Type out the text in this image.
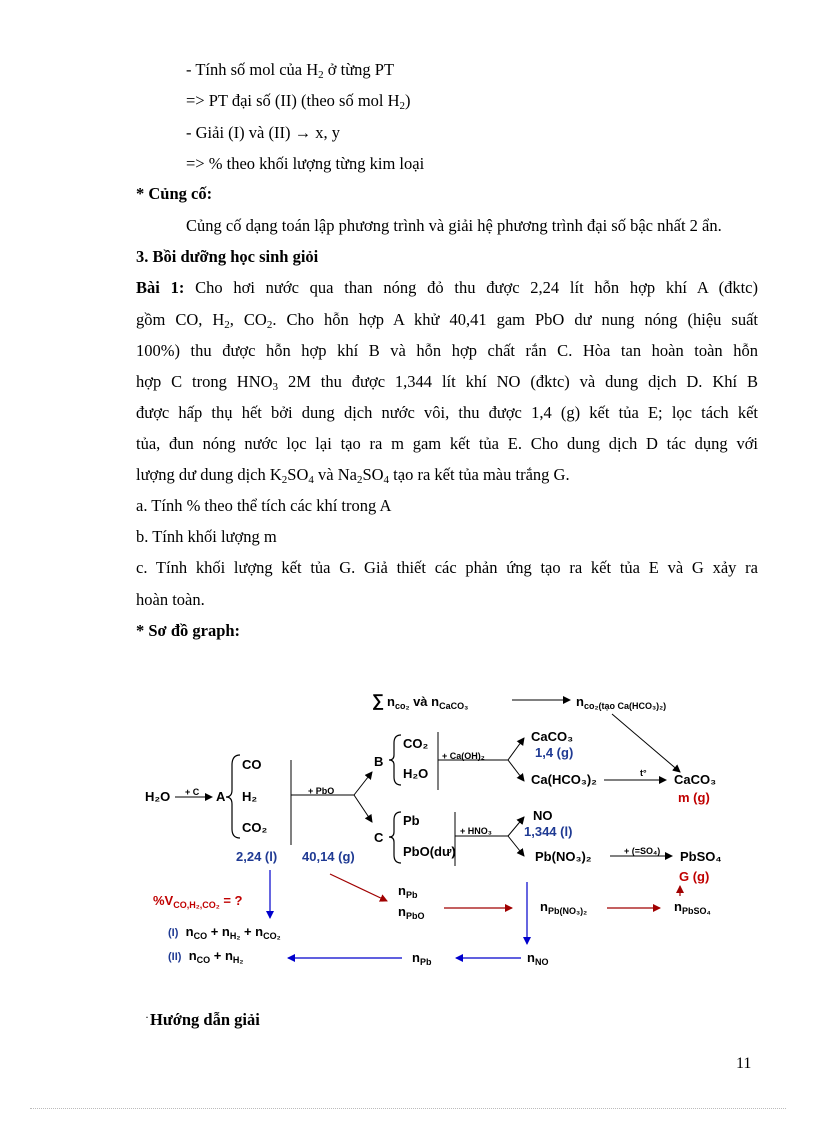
- Tính số mol của $H_2$ ở từng PT
=> PT đại số (II) (theo số mol $H_2$)
- Giải (I) và (II) → x, y
=> % theo khối lượng từng kim loại
* Củng cố:
Củng cố dạng toán lập phương trình và giải hệ phương trình đại số bậc nhất 2 ẩn.
3. Bồi dưỡng học sinh giỏi
Bài 1: Cho hơi nước qua than nóng đỏ thu được 2,24 lít hỗn hợp khí A (đktc)
gồm CO, $H_2$, $CO_2$. Cho hỗn hợp A khử 40,41 gam PbO dư nung nóng (hiệu suất
100%) thu được hỗn hợp khí B và hỗn hợp chất rắn C. Hòa tan hoàn toàn hỗn
hợp C trong $HNO_3$ 2M thu được 1,344 lít khí NO (đktc) và dung dịch D. Khí B
được hấp thụ hết bởi dung dịch nước vôi, thu được 1,4 (g) kết tủa E; lọc tách kết
tủa, đun nóng nước lọc lại tạo ra m gam kết tủa E. Cho dung dịch D tác dụng với
lượng dư dung dịch $K_2SO_4$ và $Na_2SO_4$ tạo ra kết tủa màu trắng G.
a. Tính % theo thể tích các khí trong A
b. Tính khối lượng m
c. Tính khối lượng kết tủa G. Giả thiết các phản ứng tạo ra kết tủa E và G xảy ra
hoàn toàn.
* Sơ đồ graph:
∑ $n_{co_2}$ và $n_{CaCO_3}$	$n_{co_2(tạo Ca(HCO_3)_2)}$
H₂O + C A
CO
H₂
CO₂
+ PbO
B
CO₂
H₂O
+ Ca(OH)₂
CaCO₃
1,4 (g)
Ca(HCO₃)₂	t° CaCO₃
m (g)
C
Pb
PbO(dư)
+ HNO₃
NO
1,344 (l)
Pb(NO₃)₂	+ (=SO₄) PbSO₄
G (g)
2,24 (l) 40,14 (g)
$\%V_{CO,H_2,CO_2}$ = ?
$n_{Pb}$
$n_{PbO}$
$n_{Pb(NO_3)_2}$	$n_{PbSO_4}$
(I) $n_{CO} + n_{H_2} + n_{CO_2}$
(II) $n_{CO} + n_{H_2}$	$n_{Pb}$	$n_{NO}$
· Hướng dẫn giải
11
